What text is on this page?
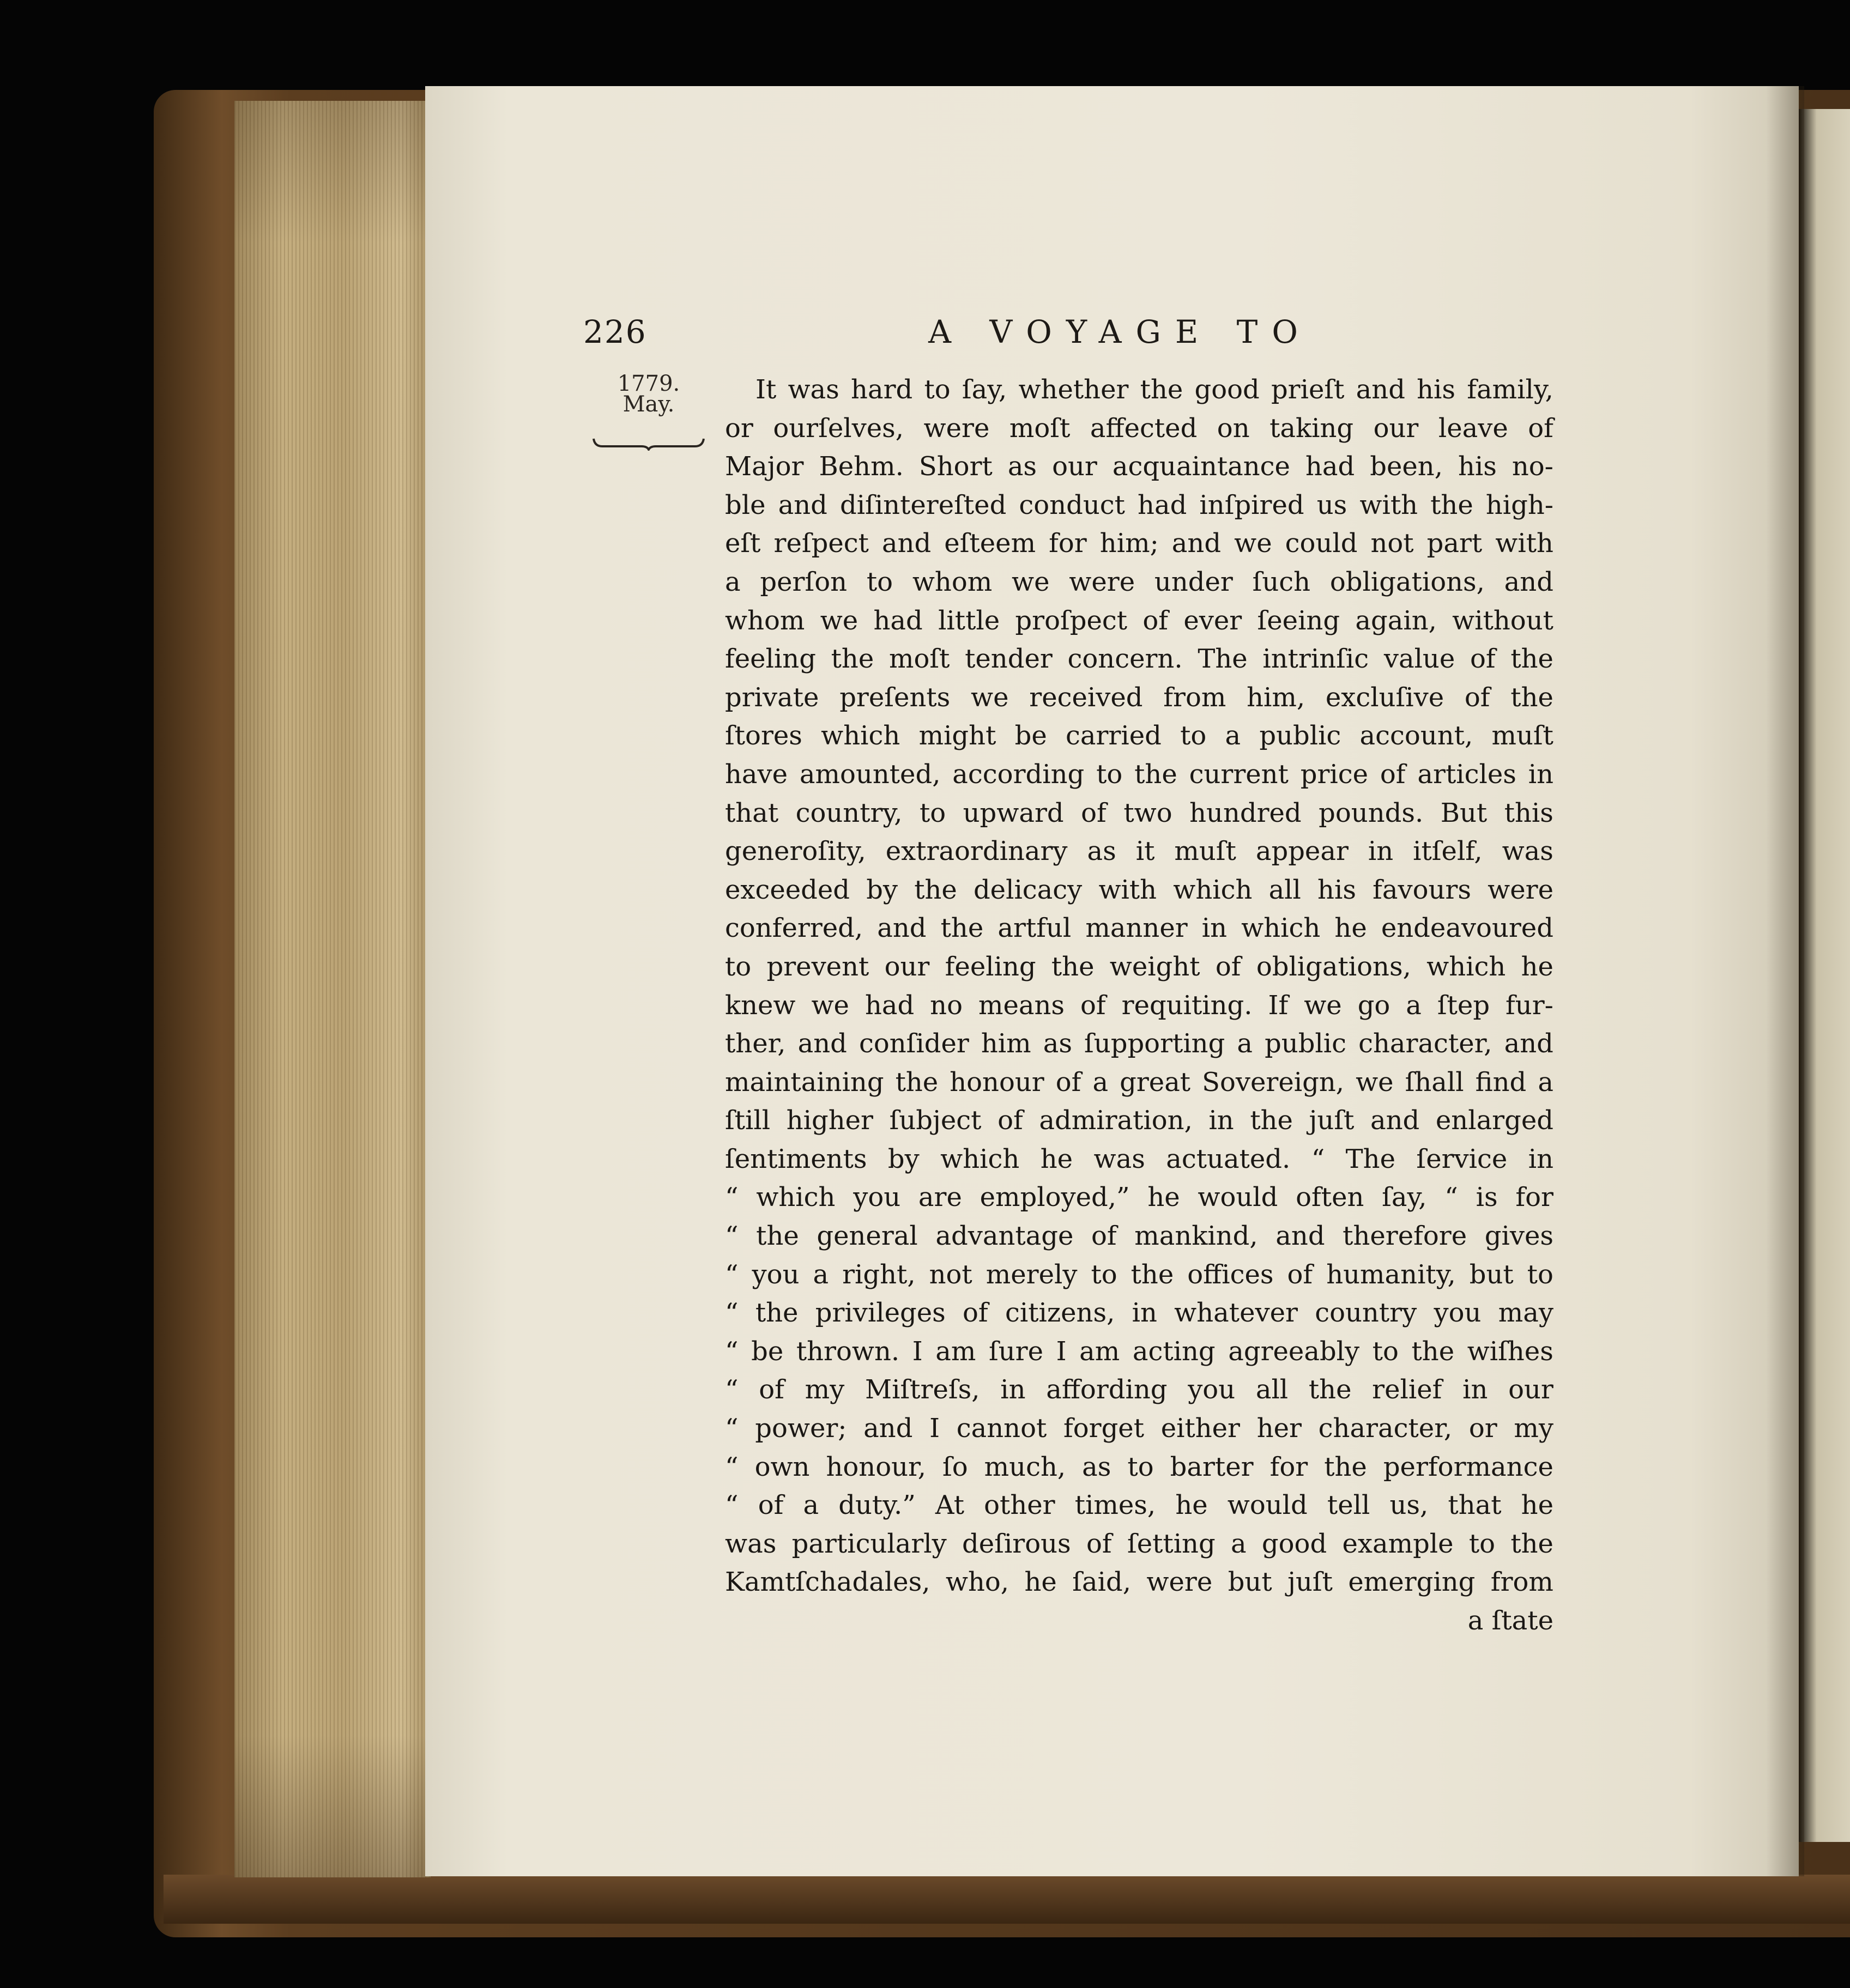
226	A VOYAGE TO
1779.
May.	It was hard to ſay, whether the good prieſt and his family,
or ourſelves, were moſt affected on taking our leave of
Major Behm. Short as our acquaintance had been, his no-
ble and diſintereſted conduct had inſpired us with the high-
eſt reſpect and eſteem for him; and we could not part with
a perſon to whom we were under ſuch obligations, and
whom we had little proſpect of ever ſeeing again, without
feeling the moſt tender concern. The intrinſic value of the
private preſents we received from him, excluſive of the
ſtores which might be carried to a public account, muſt
have amounted, according to the current price of articles in
that country, to upward of two hundred pounds. But this
generoſity, extraordinary as it muſt appear in itſelf, was
exceeded by the delicacy with which all his favours were
conferred, and the artful manner in which he endeavoured
to prevent our feeling the weight of obligations, which he
knew we had no means of requiting. If we go a ſtep fur-
ther, and conſider him as ſupporting a public character, and
maintaining the honour of a great Sovereign, we ſhall find a
ſtill higher ſubject of admiration, in the juſt and enlarged
ſentiments by which he was actuated. “ The ſervice in
“ which you are employed,” he would often ſay, “ is for
“ the general advantage of mankind, and therefore gives
“ you a right, not merely to the offices of humanity, but to
“ the privileges of citizens, in whatever country you may
“ be thrown. I am ſure I am acting agreeably to the wiſhes
“ of my Miſtreſs, in affording you all the relief in our
“ power; and I cannot forget either her character, or my
“ own honour, ſo much, as to barter for the performance
“ of a duty.” At other times, he would tell us, that he
was particularly deſirous of ſetting a good example to the
Kamtſchadales, who, he ſaid, were but juſt emerging from
a ſtate
